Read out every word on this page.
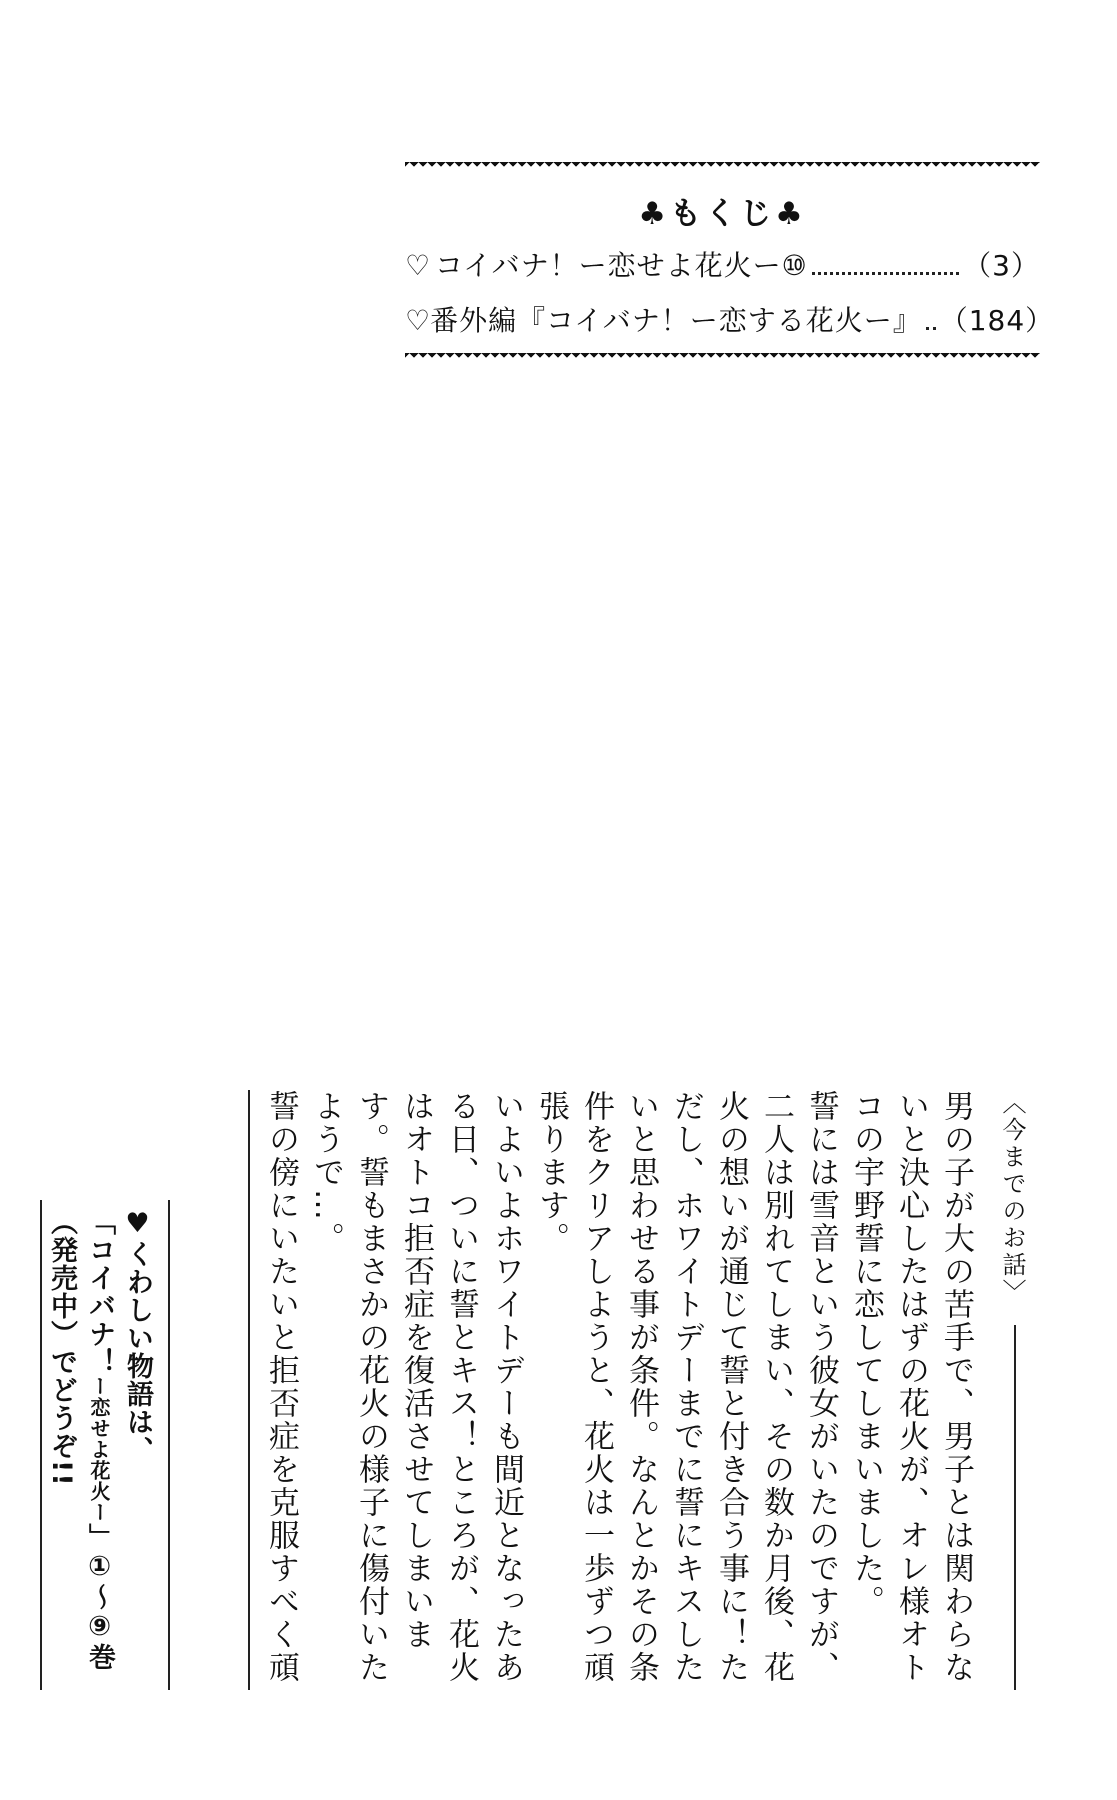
♣もくじ♣
♡ コイバナ！ー恋せよ花火ー⑩	（3）
♡ 番外編『コイバナ！ー恋する花火ー』 （184）
〈今までのお話〉

男の子が大の苦手で、男子とは関わらないと決心したはずの花火が、オレ様オトコの宇野誓に恋してしまいました。

誓には雪音という彼女がいたのですが、二人は別れてしまい、その数か月後、花火の想いが通じて誓と付き合う事に！ただし、ホワイトデーまでに誓にキスしたいと思わせる事が条件。なんとかその条件をクリアしようと、花火は一歩ずつ頑張ります。

いよいよホワイトデーも間近となったある日、ついに誓とキス！ところが、花火はオトコ拒否症を復活させてしまいます。誓もまさかの花火の様子に傷付いたようで…。

誓の傍にいたいと拒否症を克服すべく頑

♥くわしい物語は、
「コイバナ！ー恋せよ花火ー」①〜⑨巻
（発売中）でどうぞ!!
